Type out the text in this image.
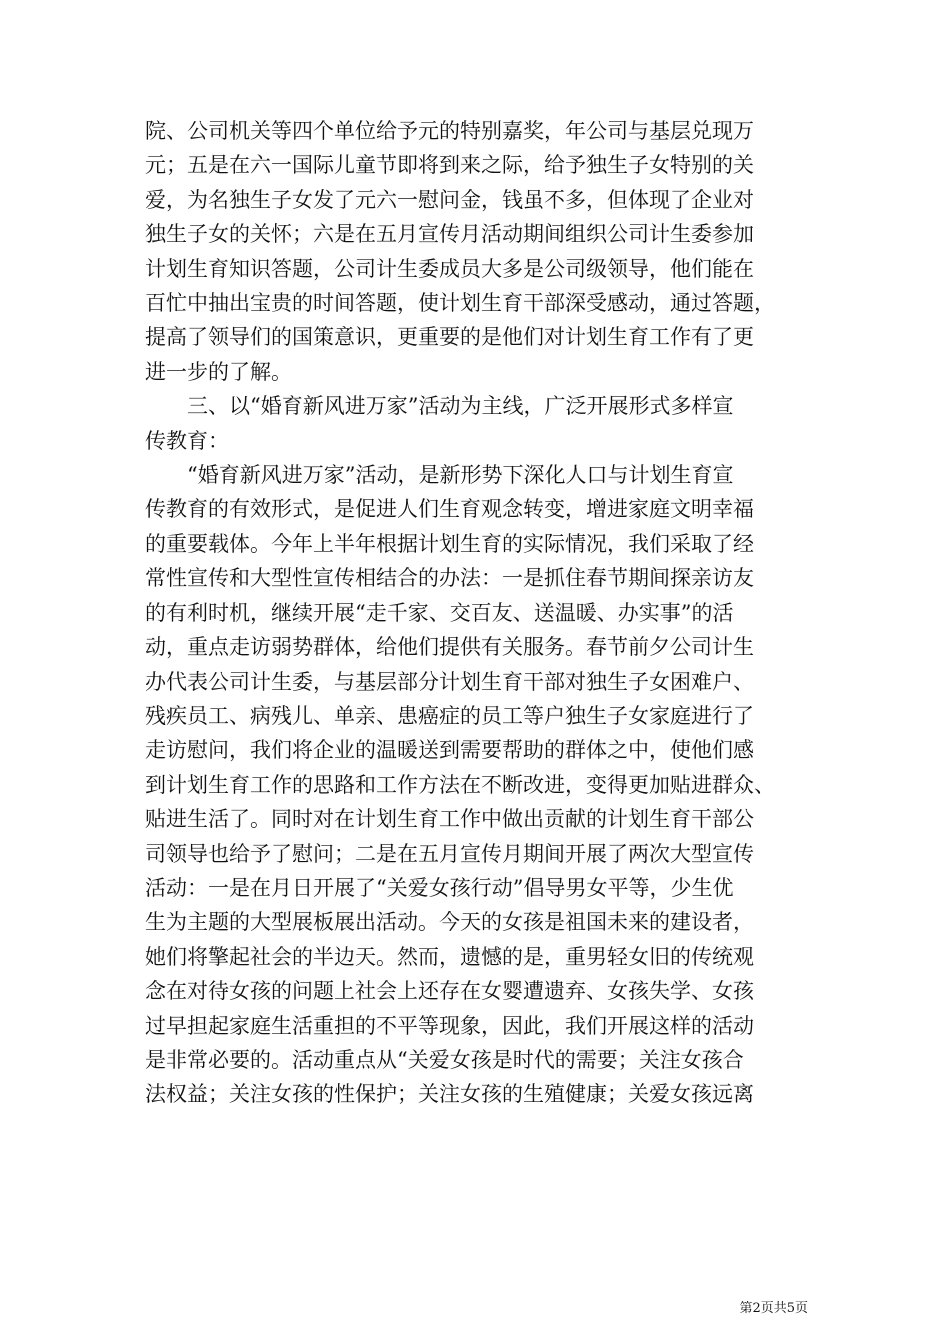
院、公司机关等四个单位给予元的特别嘉奖，年公司与基层兑现万
元；五是在六一国际儿童节即将到来之际，给予独生子女特别的关
爱，为名独生子女发了元六一慰问金，钱虽不多，但体现了企业对
独生子女的关怀；六是在五月宣传月活动期间组织公司计生委参加
计划生育知识答题，公司计生委成员大多是公司级领导，他们能在
百忙中抽出宝贵的时间答题，使计划生育干部深受感动，通过答题，
提高了领导们的国策意识，更重要的是他们对计划生育工作有了更
进一步的了解。
　　三、以“婚育新风进万家”活动为主线，广泛开展形式多样宣
传教育：
　　“婚育新风进万家”活动，是新形势下深化人口与计划生育宣
传教育的有效形式，是促进人们生育观念转变，增进家庭文明幸福
的重要载体。今年上半年根据计划生育的实际情况，我们采取了经
常性宣传和大型性宣传相结合的办法：一是抓住春节期间探亲访友
的有利时机，继续开展“走千家、交百友、送温暖、办实事”的活
动，重点走访弱势群体，给他们提供有关服务。春节前夕公司计生
办代表公司计生委，与基层部分计划生育干部对独生子女困难户、
残疾员工、病残儿、单亲、患癌症的员工等户独生子女家庭进行了
走访慰问，我们将企业的温暖送到需要帮助的群体之中，使他们感
到计划生育工作的思路和工作方法在不断改进，变得更加贴进群众、
贴进生活了。同时对在计划生育工作中做出贡献的计划生育干部公
司领导也给予了慰问；二是在五月宣传月期间开展了两次大型宣传
活动：一是在月日开展了“关爱女孩行动”倡导男女平等，少生优
生为主题的大型展板展出活动。今天的女孩是祖国未来的建设者，
她们将擎起社会的半边天。然而，遗憾的是，重男轻女旧的传统观
念在对待女孩的问题上社会上还存在女婴遭遗弃、女孩失学、女孩
过早担起家庭生活重担的不平等现象，因此，我们开展这样的活动
是非常必要的。活动重点从“关爱女孩是时代的需要；关注女孩合
法权益；关注女孩的性保护；关注女孩的生殖健康；关爱女孩远离
第2页共5页
